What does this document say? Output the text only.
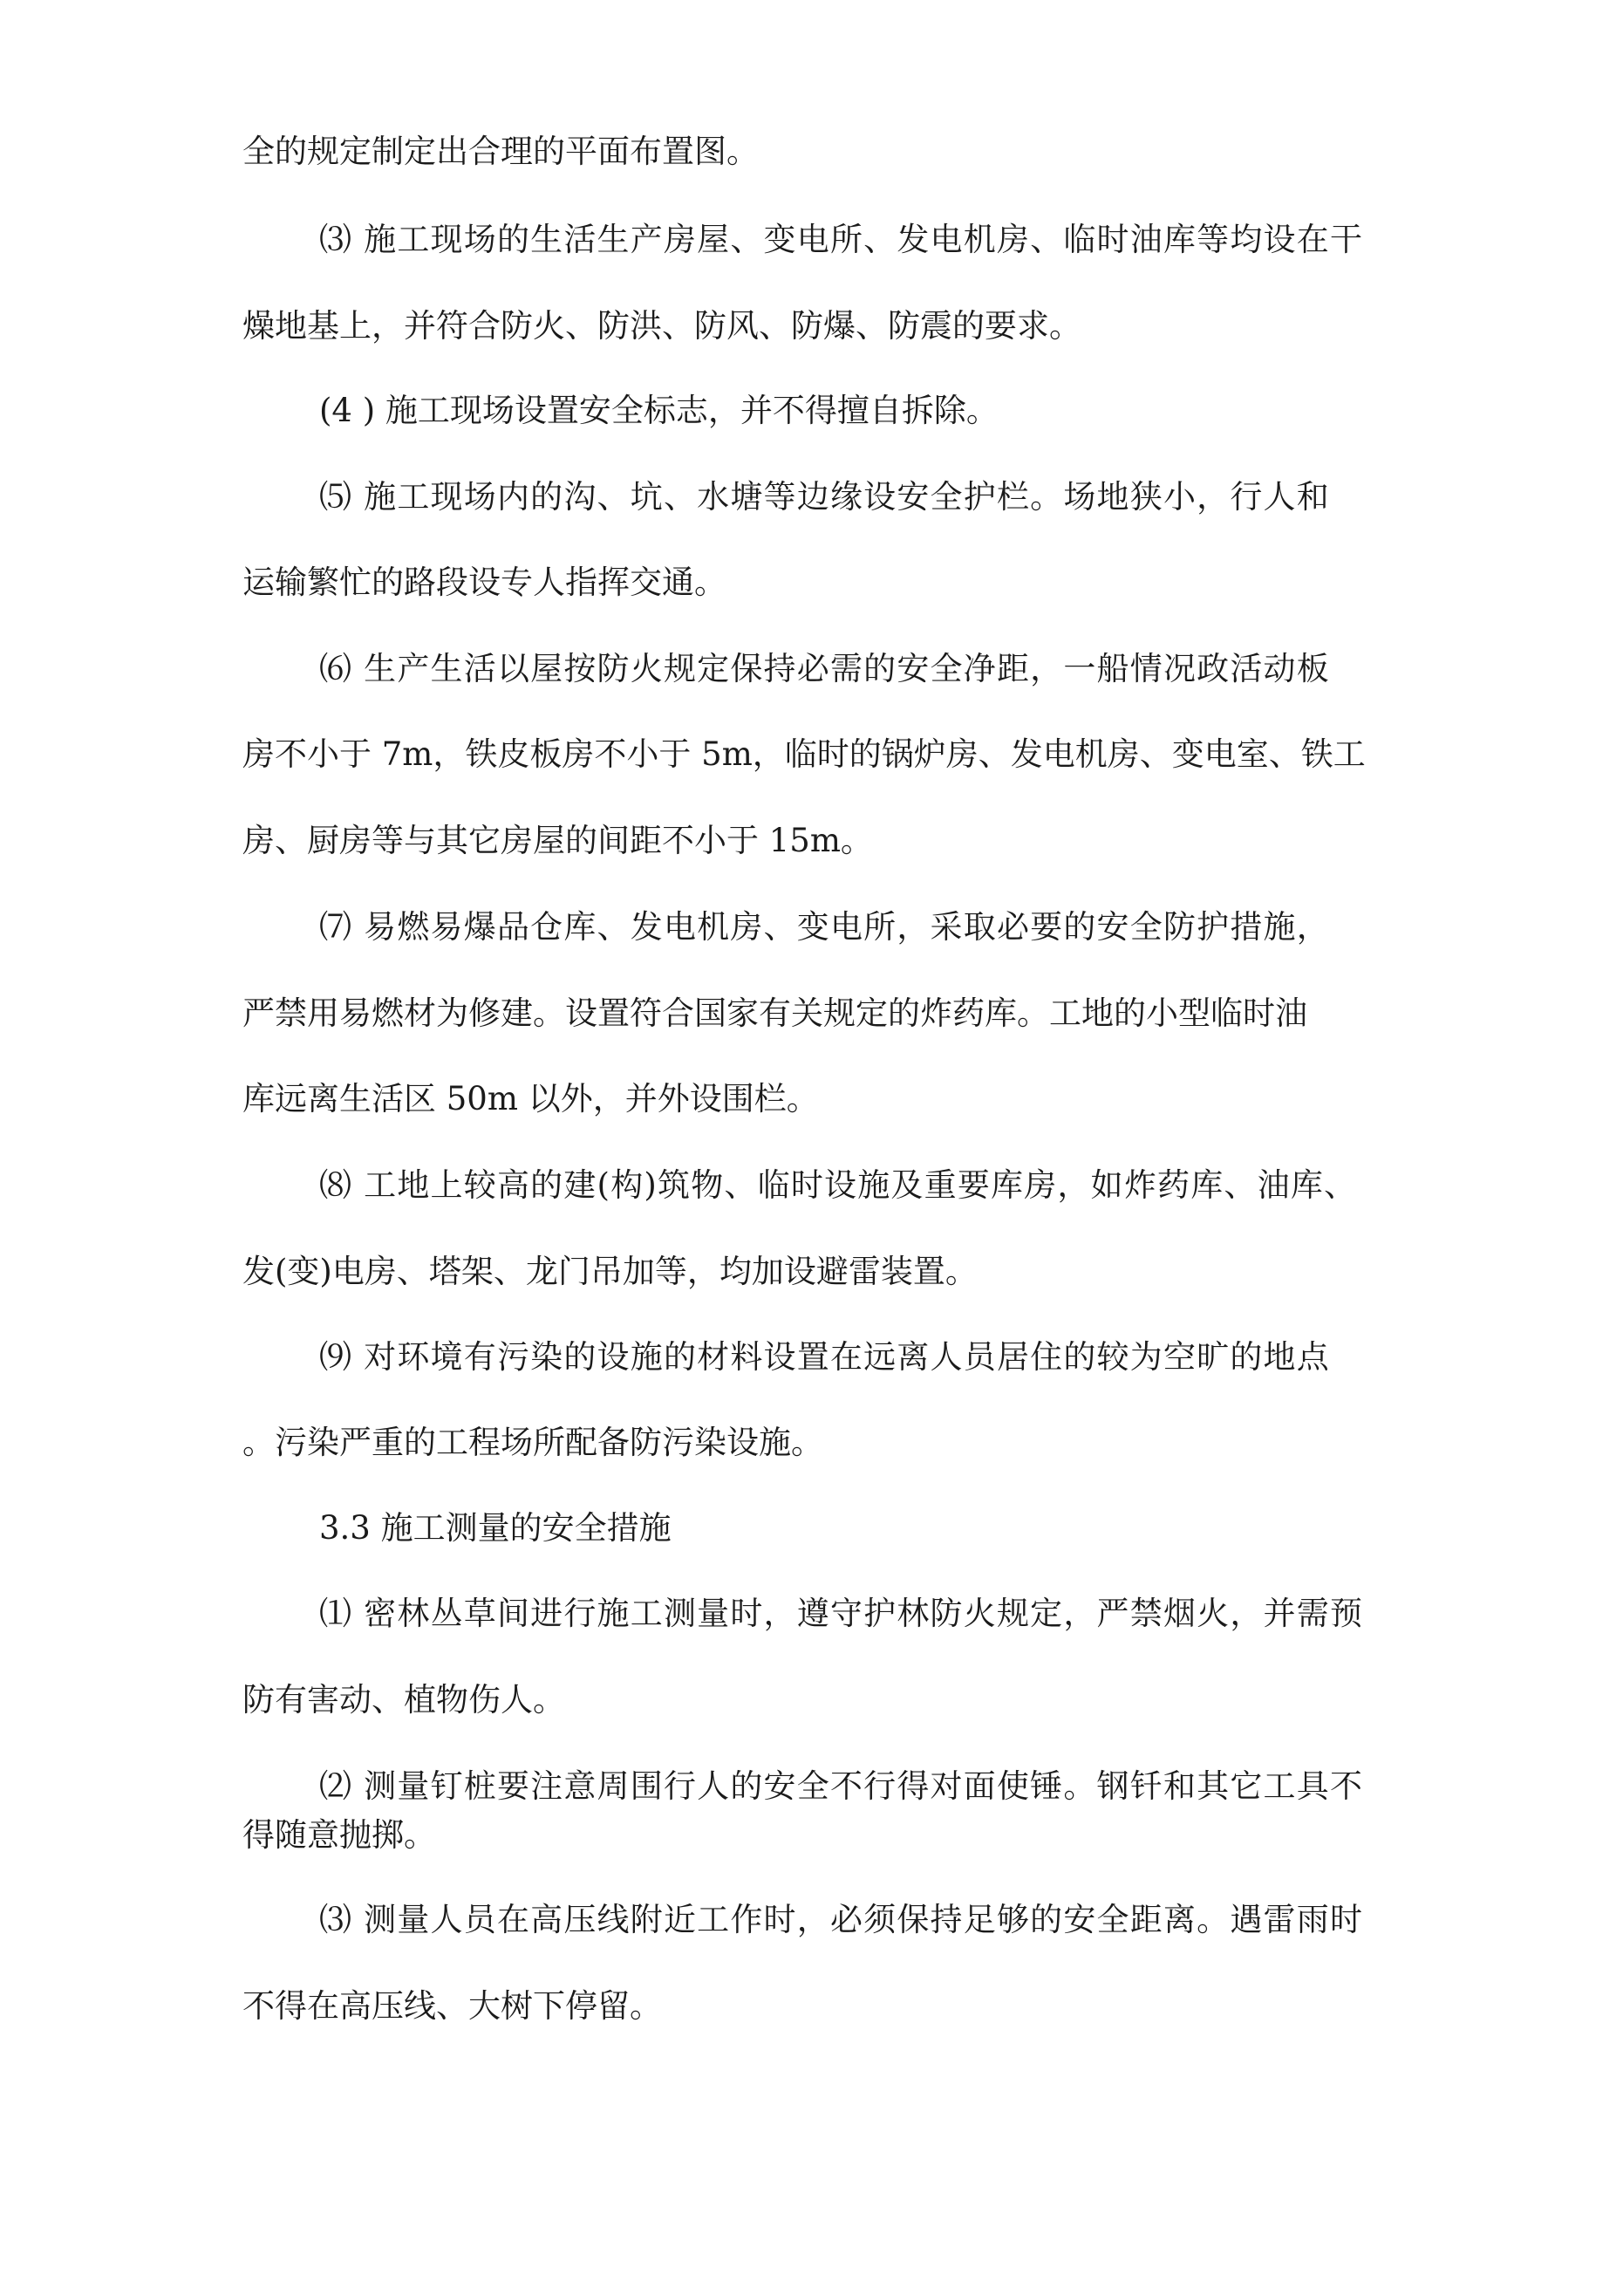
全的规定制定出合理的平面布置图。

⑶ 施工现场的生活生产房屋、变电所、发电机房、临时油库等均设在干

燥地基上，并符合防火、防洪、防风、防爆、防震的要求。

(4 ) 施工现场设置安全标志，并不得擅自拆除。

⑸ 施工现场内的沟、坑、水塘等边缘设安全护栏。场地狭小，行人和

运输繁忙的路段设专人指挥交通。

⑹ 生产生活以屋按防火规定保持必需的安全净距，一船情况政活动板

房不小于 7m，铁皮板房不小于 5m，临时的锅炉房、发电机房、变电室、铁工

房、厨房等与其它房屋的间距不小于 15m。

⑺ 易燃易爆品仓库、发电机房、变电所，采取必要的安全防护措施，

严禁用易燃材为修建。设置符合国家有关规定的炸药库。工地的小型临时油

库远离生活区 50m 以外，并外设围栏。

⑻ 工地上较高的建(构)筑物、临时设施及重要库房，如炸药库、油库、

发(变)电房、塔架、龙门吊加等，均加设避雷装置。

⑼ 对环境有污染的设施的材料设置在远离人员居住的较为空旷的地点

。污染严重的工程场所配备防污染设施。

3.3 施工测量的安全措施

⑴ 密林丛草间进行施工测量时，遵守护林防火规定，严禁烟火，并需预

防有害动、植物伤人。

⑵ 测量钉桩要注意周围行人的安全不行得对面使锤。钢钎和其它工具不

得随意抛掷。

⑶ 测量人员在高压线附近工作时，必须保持足够的安全距离。遇雷雨时

不得在高压线、大树下停留。
